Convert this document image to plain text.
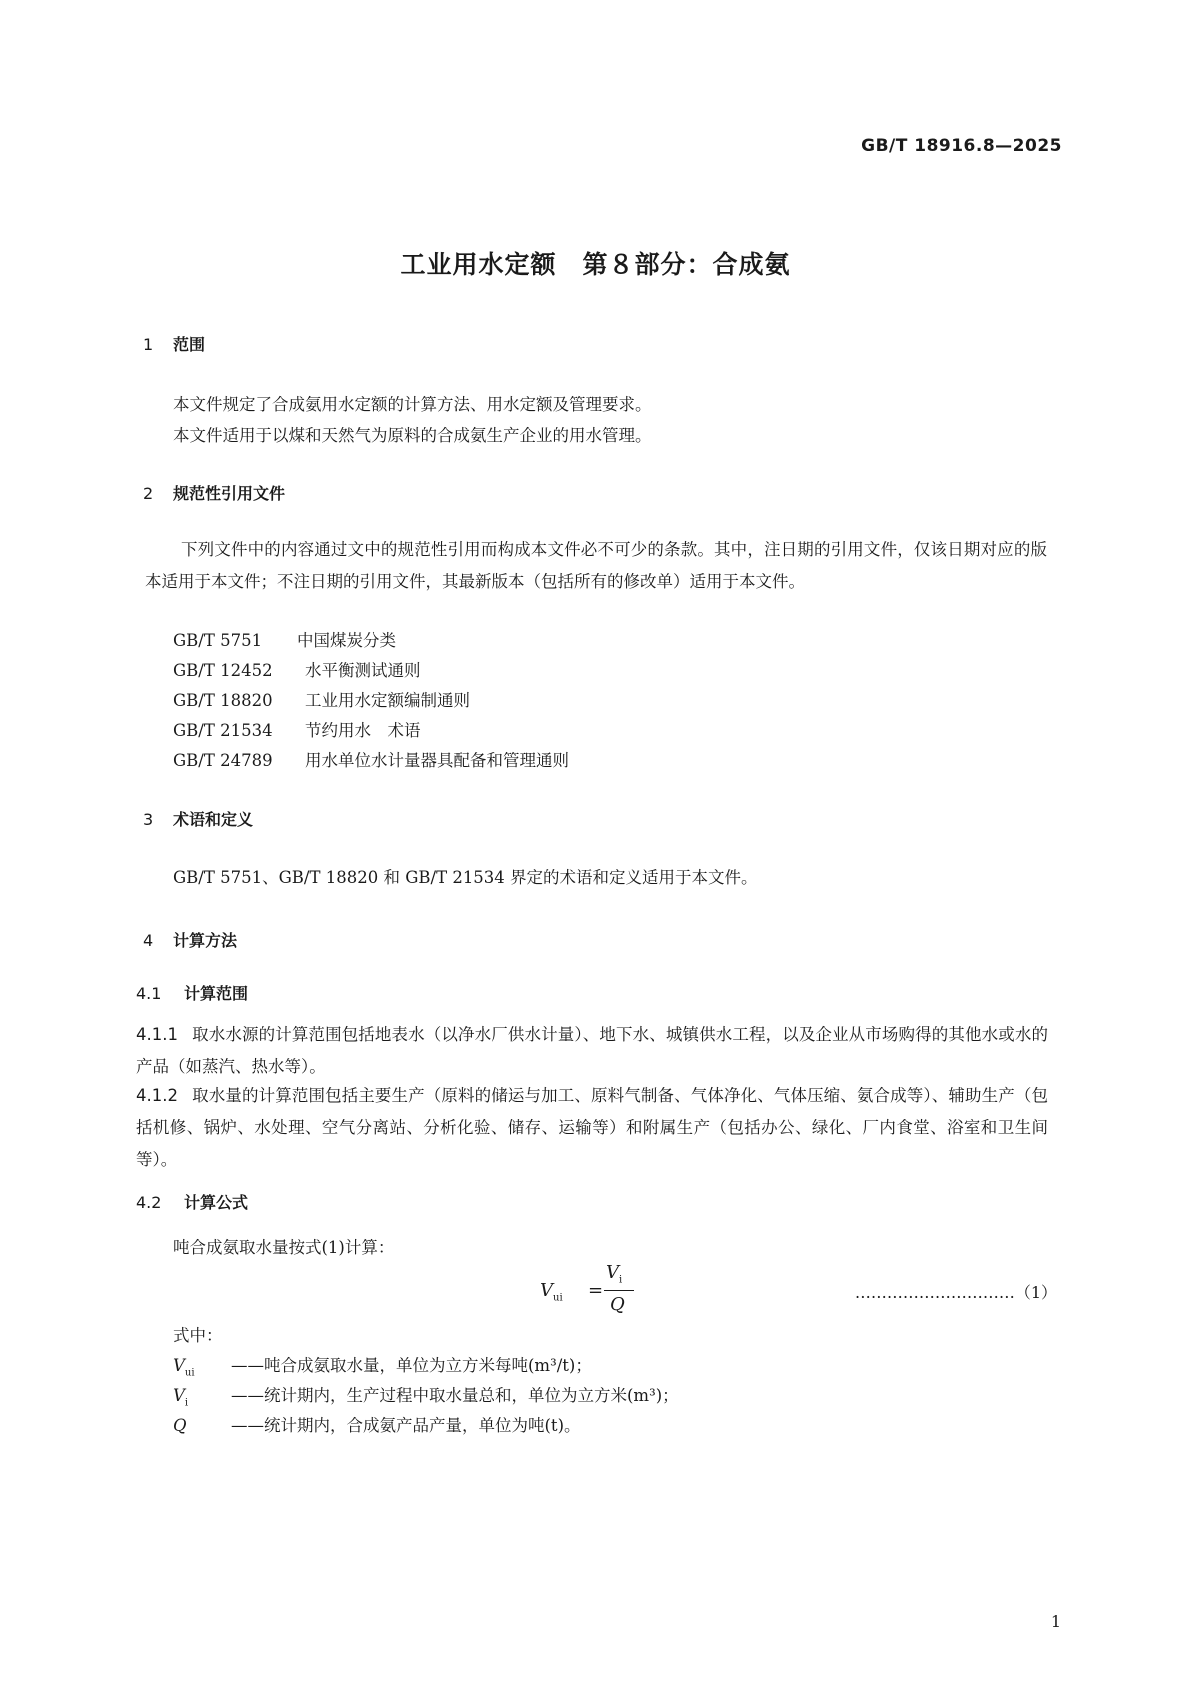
GB/T 18916.8—2025
工业用水定额　第８部分：合成氨
1 范围
本文件规定了合成氨用水定额的计算方法、用水定额及管理要求。
本文件适用于以煤和天然气为原料的合成氨生产企业的用水管理。
2 规范性引用文件
下列文件中的内容通过文中的规范性引用而构成本文件必不可少的条款。其中，注日期的引用文件，仅该日期对应的版本适用于本文件；不注日期的引用文件，其最新版本（包括所有的修改单）适用于本文件。
GB/T 5751 中国煤炭分类
GB/T 12452 水平衡测试通则
GB/T 18820 工业用水定额编制通则
GB/T 21534 节约用水　术语
GB/T 24789 用水单位水计量器具配备和管理通则
3 术语和定义
GB/T 5751、GB/T 18820 和 GB/T 21534 界定的术语和定义适用于本文件。
4 计算方法
4.1 计算范围
4.1.1 取水水源的计算范围包括地表水（以净水厂供水计量）、地下水、城镇供水工程，以及企业从市场购得的其他水或水的产品（如蒸汽、热水等）。
4.1.2 取水量的计算范围包括主要生产（原料的储运与加工、原料气制备、气体净化、气体压缩、氨合成等）、辅助生产（包括机修、锅炉、水处理、空气分离站、分析化验、储存、运输等）和附属生产（包括办公、绿化、厂内食堂、浴室和卫生间等）。
4.2 计算公式
吨合成氨取水量按式(1)计算：
$V_{ui}$ =
$V_i$
Q
…………………………（1）
式中：
$V_{ui}$ ——吨合成氨取水量，单位为立方米每吨(m³/t)；
$V_i$	——统计期内，生产过程中取水量总和，单位为立方米(m³)；
Q	——统计期内，合成氨产品产量，单位为吨(t)。
1
